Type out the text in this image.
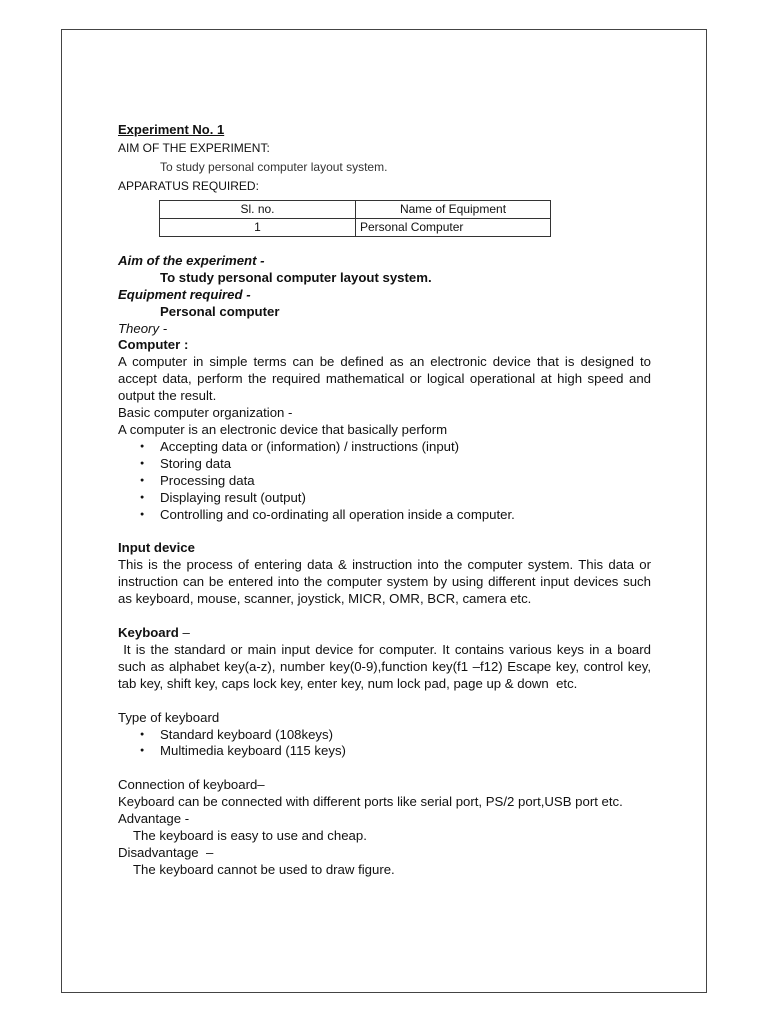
Experiment No. 1
AIM OF THE EXPERIMENT:
To study personal computer layout system.
APPARATUS REQUIRED:
Sl. no.	Name of Equipment
1	Personal Computer
Aim of the experiment -
To study personal computer layout system.
Equipment required -
Personal computer
Theory -
Computer :
A computer in simple terms can be defined as an electronic device that is designed to accept data, perform the required mathematical or logical operational at high speed and output the result.
Basic computer organization -
A computer is an electronic device that basically perform
● Accepting data or (information) / instructions (input)
● Storing data
● Processing data
● Displaying result (output)
● Controlling and co-ordinating all operation inside a computer.
Input device
This is the process of entering data & instruction into the computer system. This data or instruction can be entered into the computer system by using different input devices such as keyboard, mouse, scanner, joystick, MICR, OMR, BCR, camera etc.
Keyboard –
It is the standard or main input device for computer. It contains various keys in a board such as alphabet key(a-z), number key(0-9),function key(f1 –f12) Escape key, control key, tab key, shift key, caps lock key, enter key, num lock pad, page up & down  etc.
Type of keyboard
● Standard keyboard (108keys)
● Multimedia keyboard (115 keys)
Connection of keyboard–
Keyboard can be connected with different ports like serial port, PS/2 port,USB port etc.
Advantage -
The keyboard is easy to use and cheap.
Disadvantage  –
The keyboard cannot be used to draw figure.
